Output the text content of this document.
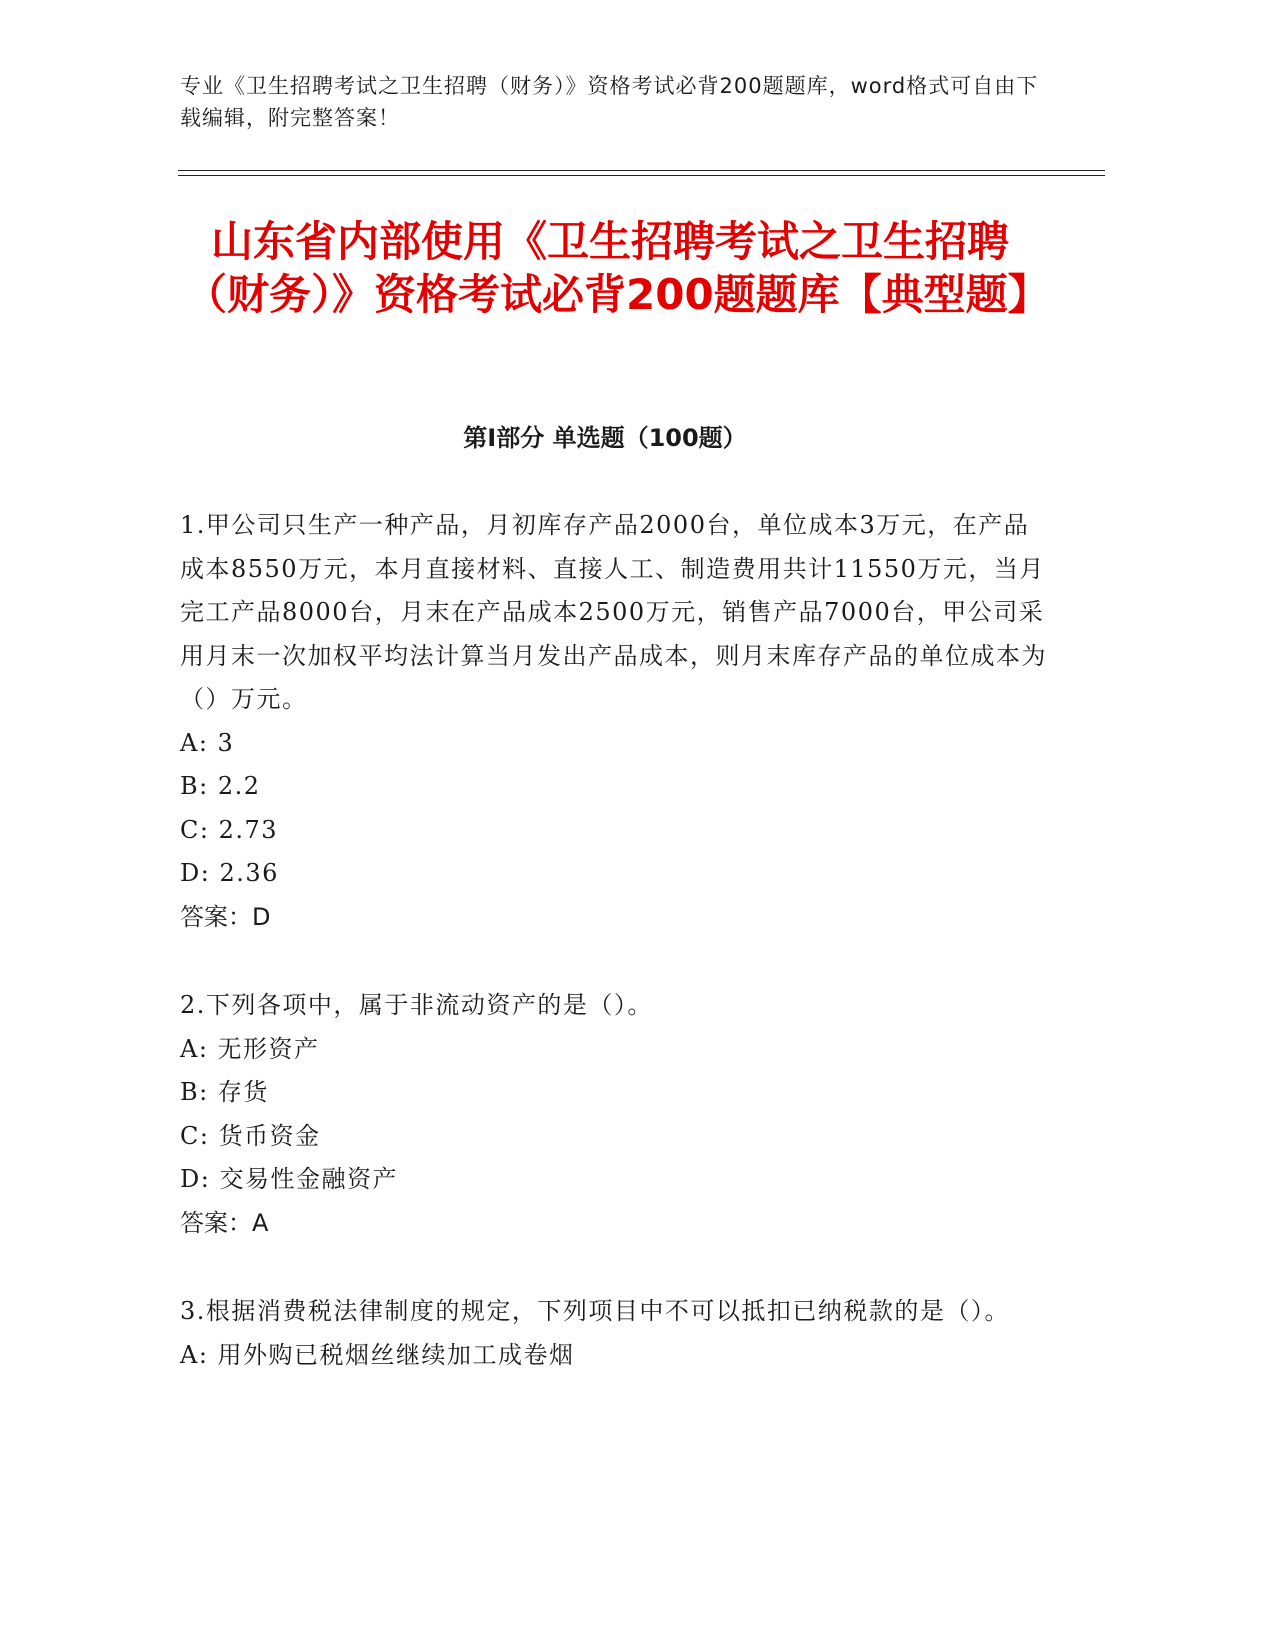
专业《卫生招聘考试之卫生招聘（财务）》资格考试必背200题题库，word格式可自由下载编辑，附完整答案！
山东省内部使用《卫生招聘考试之卫生招聘（财务）》资格考试必背200题题库【典型题】
第I部分 单选题（100题）
1.甲公司只生产一种产品，月初库存产品2000台，单位成本3万元，在产品成本8550万元，本月直接材料、直接人工、制造费用共计11550万元，当月完工产品8000台，月末在产品成本2500万元，销售产品7000台，甲公司采用月末一次加权平均法计算当月发出产品成本，则月末库存产品的单位成本为（）万元。
A: 3
B: 2.2
C: 2.73
D: 2.36
答案：D
2.下列各项中，属于非流动资产的是（）。
A: 无形资产
B: 存货
C: 货币资金
D: 交易性金融资产
答案：A
3.根据消费税法律制度的规定，下列项目中不可以抵扣已纳税款的是（）。
A: 用外购已税烟丝继续加工成卷烟
